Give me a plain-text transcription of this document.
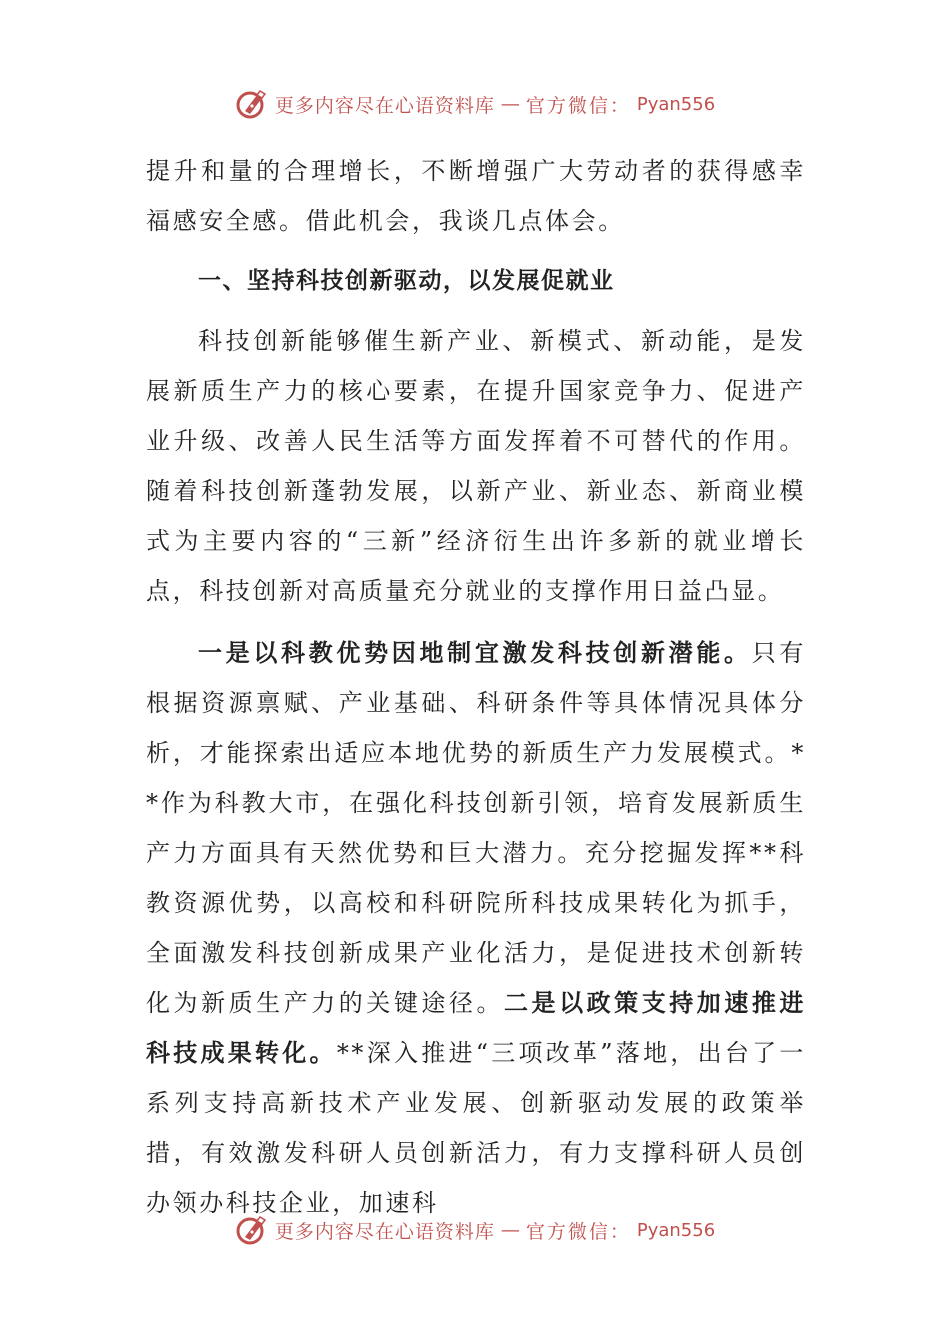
更多内容尽在心语资料库 — 官方微信： Pyan556

提升和量的合理增长，不断增强广大劳动者的获得感幸福感安全感。借此机会，我谈几点体会。

一、坚持科技创新驱动，以发展促就业

科技创新能够催生新产业、新模式、新动能，是发展新质生产力的核心要素，在提升国家竞争力、促进产业升级、改善人民生活等方面发挥着不可替代的作用。随着科技创新蓬勃发展，以新产业、新业态、新商业模式为主要内容的“三新”经济衍生出许多新的就业增长点，科技创新对高质量充分就业的支撑作用日益凸显。

一是以科教优势因地制宜激发科技创新潜能。只有根据资源禀赋、产业基础、科研条件等具体情况具体分析，才能探索出适应本地优势的新质生产力发展模式。**作为科教大市，在强化科技创新引领，培育发展新质生产力方面具有天然优势和巨大潜力。充分挖掘发挥**科教资源优势，以高校和科研院所科技成果转化为抓手，全面激发科技创新成果产业化活力，是促进技术创新转化为新质生产力的关键途径。二是以政策支持加速推进科技成果转化。**深入推进“三项改革”落地，出台了一系列支持高新技术产业发展、创新驱动发展的政策举措，有效激发科研人员创新活力，有力支撑科研人员创办领办科技企业，加速科

更多内容尽在心语资料库 — 官方微信： Pyan556
